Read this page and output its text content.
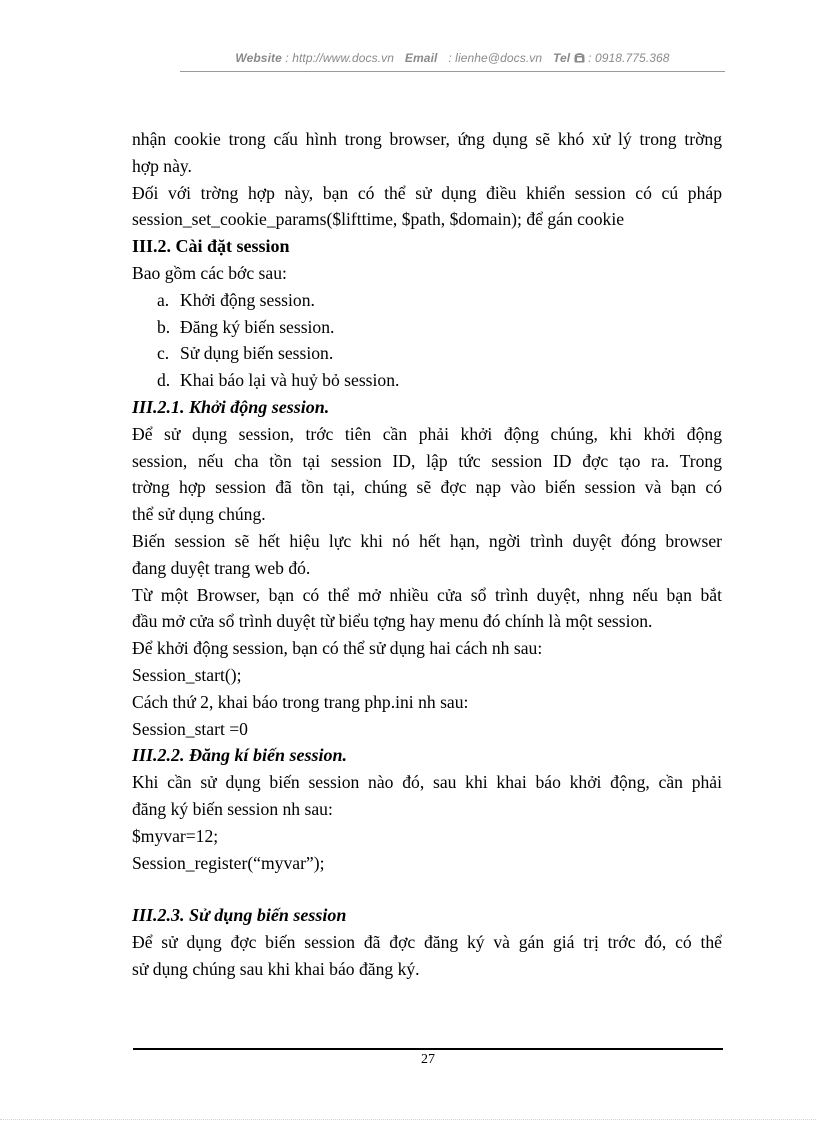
Website : http://www.docs.vn Email : lienhe@docs.vn Tel : 0918.775.368

nhận cookie trong cấu hình trong browser, ứng dụng sẽ khó xử lý trong trờng

hợp này.

Đối với trờng hợp này, bạn có thể sử dụng điều khiển session có cú pháp

session_set_cookie_params($lifttime, $path, $domain); để gán cookie

III.2. Cài đặt session

Bao gồm các bớc sau:

a. Khởi động session.
b. Đăng ký biến session.
c. Sử dụng biến session.
d. Khai báo lại và huỷ bỏ session.

III.2.1. Khởi động session.

Để sử dụng session, trớc tiên cần phải khởi động chúng, khi khởi động

session, nếu cha tồn tại session ID, lập tức session ID đợc tạo ra. Trong

trờng hợp session đã tồn tại, chúng sẽ đợc nạp vào biến session và bạn có

thể sử dụng chúng.

Biến session sẽ hết hiệu lực khi nó hết hạn, ngời trình duyệt đóng browser

đang duyệt trang web đó.

Từ một Browser, bạn có thể mở nhiều cửa sổ trình duyệt, nhng nếu bạn bắt

đầu mở cửa sổ trình duyệt từ biểu tợng hay menu đó chính là một session.

Để khởi động session, bạn có thể sử dụng hai cách nh sau:

Session_start();

Cách thứ 2, khai báo trong trang php.ini nh sau:

Session_start =0

III.2.2. Đăng kí biến session.

Khi cần sử dụng biến session nào đó, sau khi khai báo khởi động, cần phải

đăng ký biến session nh sau:

$myvar=12;

Session_register(“myvar”);

III.2.3. Sử dụng biến session

Để sử dụng đợc biến session đã đợc đăng ký và gán giá trị trớc đó, có thể

sử dụng chúng sau khi khai báo đăng ký.

27
